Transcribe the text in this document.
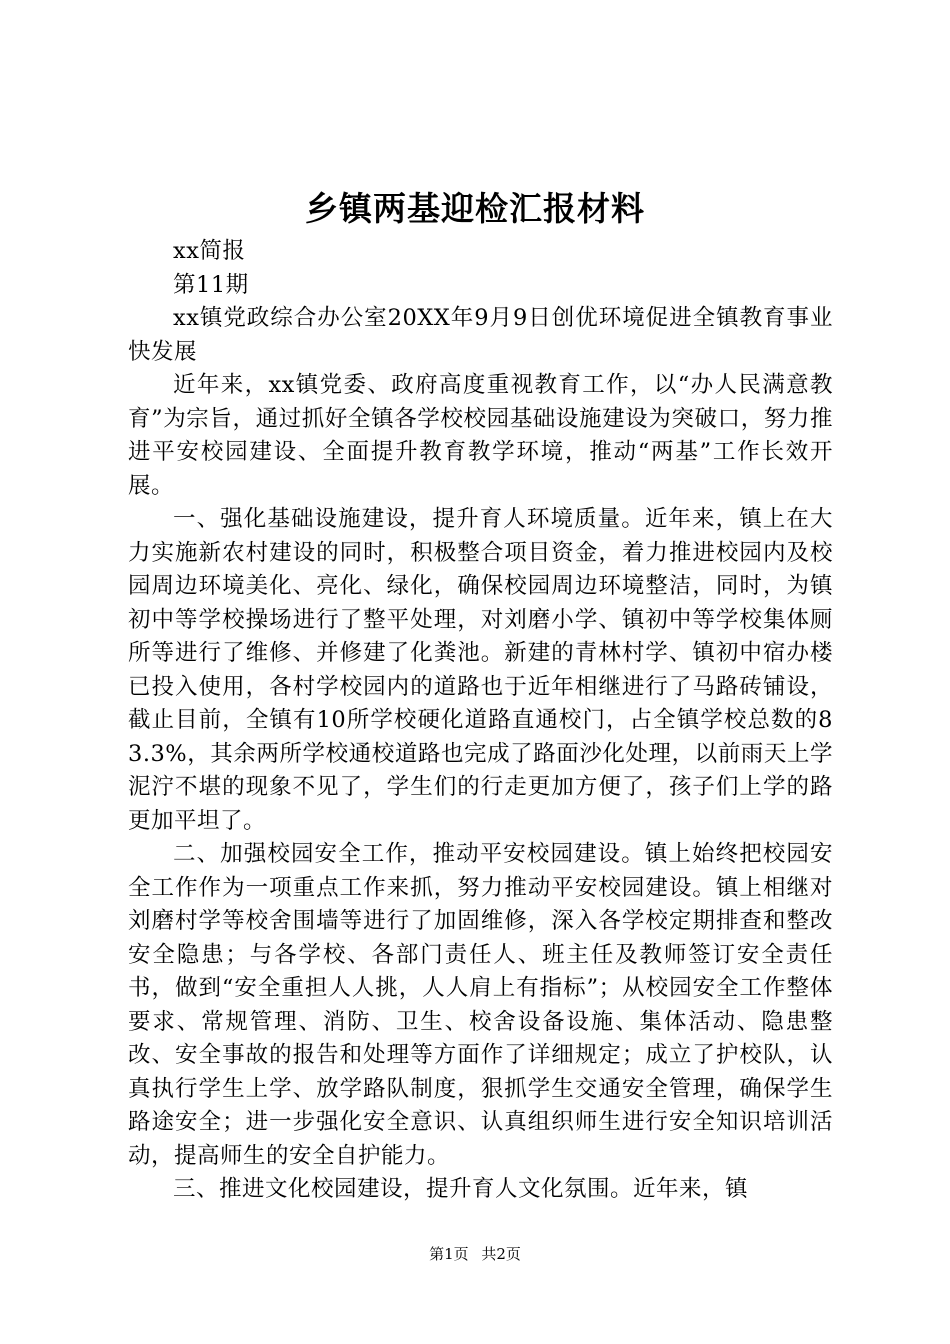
乡镇两基迎检汇报材料

xx简报

第11期

xx镇党政综合办公室20XX年9月9日创优环境促进全镇教育事业快发展

近年来，xx镇党委、政府高度重视教育工作，以“办人民满意教育”为宗旨，通过抓好全镇各学校校园基础设施建设为突破口，努力推进平安校园建设、全面提升教育教学环境，推动“两基”工作长效开展。

一、强化基础设施建设，提升育人环境质量。近年来，镇上在大力实施新农村建设的同时，积极整合项目资金，着力推进校园内及校园周边环境美化、亮化、绿化，确保校园周边环境整洁，同时，为镇初中等学校操场进行了整平处理，对刘磨小学、镇初中等学校集体厕所等进行了维修、并修建了化粪池。新建的青林村学、镇初中宿办楼已投入使用，各村学校园内的道路也于近年相继进行了马路砖铺设，截止目前，全镇有10所学校硬化道路直通校门，占全镇学校总数的83.3%，其余两所学校通校道路也完成了路面沙化处理，以前雨天上学泥泞不堪的现象不见了，学生们的行走更加方便了，孩子们上学的路更加平坦了。

二、加强校园安全工作，推动平安校园建设。镇上始终把校园安全工作作为一项重点工作来抓，努力推动平安校园建设。镇上相继对刘磨村学等校舍围墙等进行了加固维修，深入各学校定期排查和整改安全隐患；与各学校、各部门责任人、班主任及教师签订安全责任书，做到“安全重担人人挑，人人肩上有指标”；从校园安全工作整体要求、常规管理、消防、卫生、校舍设备设施、集体活动、隐患整改、安全事故的报告和处理等方面作了详细规定；成立了护校队，认真执行学生上学、放学路队制度，狠抓学生交通安全管理，确保学生路途安全；进一步强化安全意识、认真组织师生进行安全知识培训活动，提高师生的安全自护能力。

三、推进文化校园建设，提升育人文化氛围。近年来，镇

第1页 共2页
